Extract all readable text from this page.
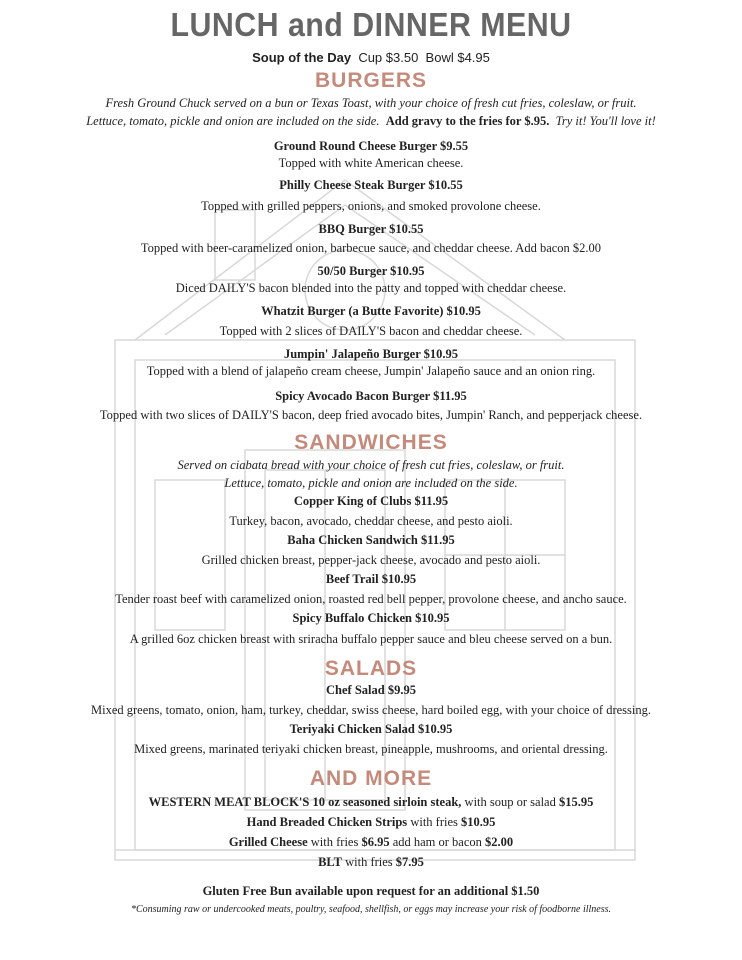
LUNCH and DINNER MENU
Soup of the Day Cup $3.50 Bowl $4.95
BURGERS
Fresh Ground Chuck served on a bun or Texas Toast, with your choice of fresh cut fries, coleslaw, or fruit.
Lettuce, tomato, pickle and onion are included on the side. Add gravy to the fries for $.95. Try it! You'll love it!
Ground Round Cheese Burger $9.55
Topped with white American cheese.
Philly Cheese Steak Burger $10.55
Topped with grilled peppers, onions, and smoked provolone cheese.
BBQ Burger $10.55
Topped with beer-caramelized onion, barbecue sauce, and cheddar cheese. Add bacon $2.00
50/50 Burger $10.95
Diced DAILY'S bacon blended into the patty and topped with cheddar cheese.
Whatzit Burger (a Butte Favorite) $10.95
Topped with 2 slices of DAILY'S bacon and cheddar cheese.
Jumpin' Jalapeño Burger $10.95
Topped with a blend of jalapeño cream cheese, Jumpin' Jalapeño sauce and an onion ring.
Spicy Avocado Bacon Burger $11.95
Topped with two slices of DAILY'S bacon, deep fried avocado bites, Jumpin' Ranch, and pepperjack cheese.
SANDWICHES
Served on ciabata bread with your choice of fresh cut fries, coleslaw, or fruit.
Lettuce, tomato, pickle and onion are included on the side.
Copper King of Clubs $11.95
Turkey, bacon, avocado, cheddar cheese, and pesto aioli.
Baha Chicken Sandwich $11.95
Grilled chicken breast, pepper-jack cheese, avocado and pesto aioli.
Beef Trail $10.95
Tender roast beef with caramelized onion, roasted red bell pepper, provolone cheese, and ancho sauce.
Spicy Buffalo Chicken $10.95
A grilled 6oz chicken breast with sriracha buffalo pepper sauce and bleu cheese served on a bun.
SALADS
Chef Salad $9.95
Mixed greens, tomato, onion, ham, turkey, cheddar, swiss cheese, hard boiled egg, with your choice of dressing.
Teriyaki Chicken Salad $10.95
Mixed greens, marinated teriyaki chicken breast, pineapple, mushrooms, and oriental dressing.
AND MORE
WESTERN MEAT BLOCK'S 10 oz seasoned sirloin steak, with soup or salad $15.95
Hand Breaded Chicken Strips with fries $10.95
Grilled Cheese with fries $6.95 add ham or bacon $2.00
BLT with fries $7.95
Gluten Free Bun available upon request for an additional $1.50
*Consuming raw or undercooked meats, poultry, seafood, shellfish, or eggs may increase your risk of foodborne illness.
